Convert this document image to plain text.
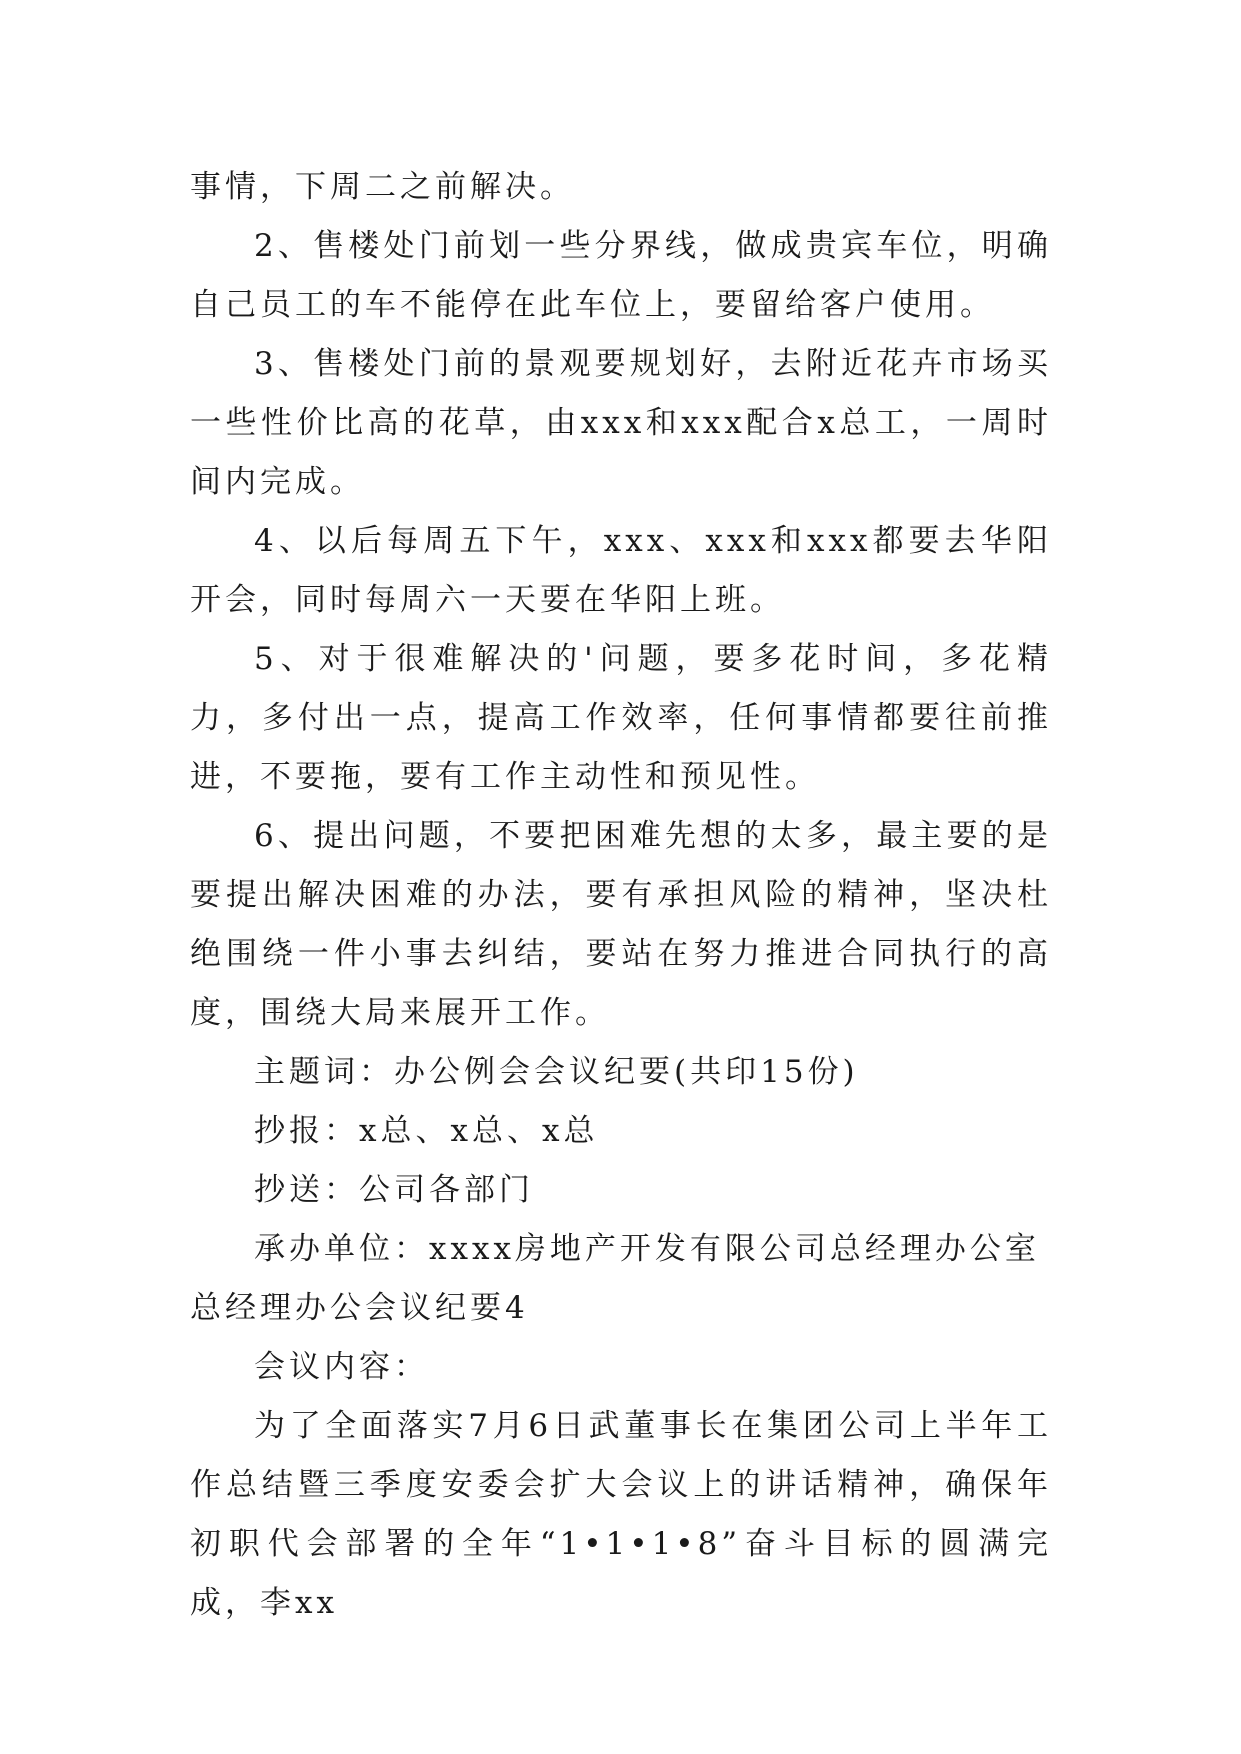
事情，下周二之前解决。

2、售楼处门前划一些分界线，做成贵宾车位，明确自己员工的车不能停在此车位上，要留给客户使用。

3、售楼处门前的景观要规划好，去附近花卉市场买一些性价比高的花草，由xxx和xxx配合x总工，一周时间内完成。

4、以后每周五下午，xxx、xxx和xxx都要去华阳开会，同时每周六一天要在华阳上班。

5、对于很难解决的'问题，要多花时间，多花精力，多付出一点，提高工作效率，任何事情都要往前推进，不要拖，要有工作主动性和预见性。

6、提出问题，不要把困难先想的太多，最主要的是要提出解决困难的办法，要有承担风险的精神，坚决杜绝围绕一件小事去纠结，要站在努力推进合同执行的高度，围绕大局来展开工作。

主题词：办公例会会议纪要(共印15份)

抄报：x总、x总、x总

抄送：公司各部门

承办单位：xxxx房地产开发有限公司总经理办公室

总经理办公会议纪要4

会议内容：

为了全面落实7月6日武董事长在集团公司上半年工作总结暨三季度安委会扩大会议上的讲话精神，确保年初职代会部署的全年“1•1•1•8”奋斗目标的圆满完成，李xx
